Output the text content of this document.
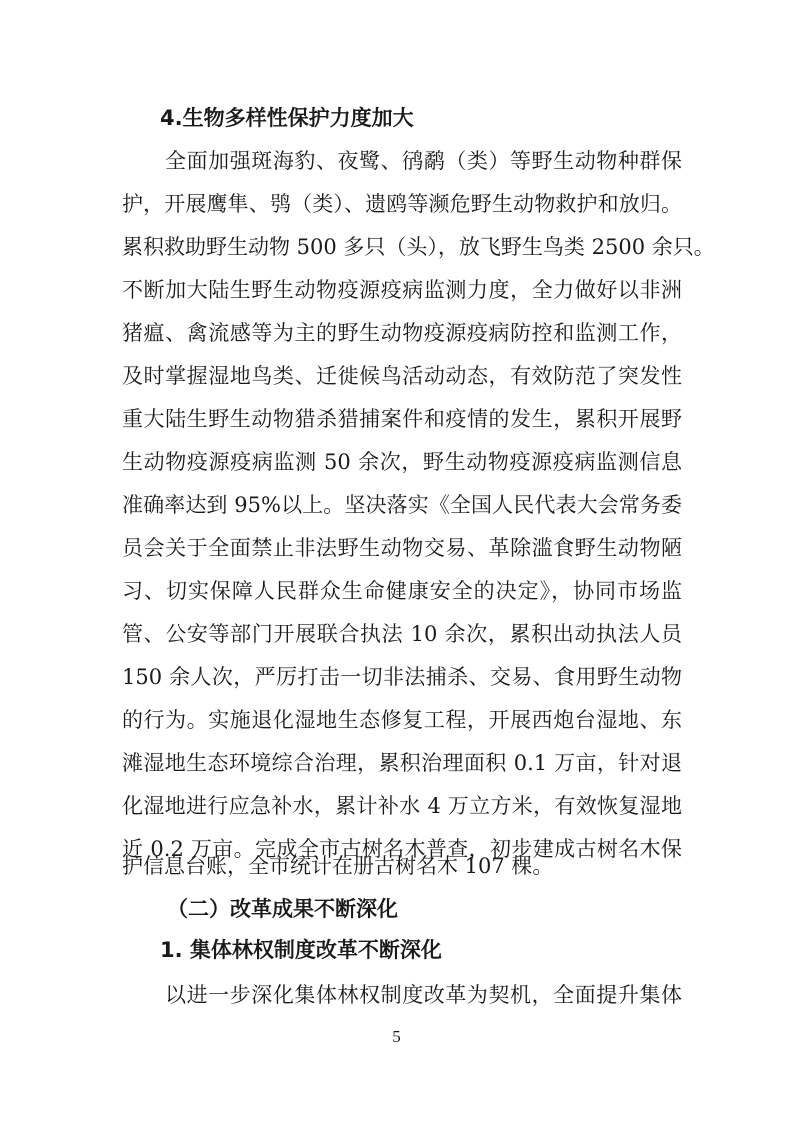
4.生物多样性保护力度加大
全面加强斑海豹、夜鹭、鸻鹬（类）等野生动物种群保
护，开展鹰隼、鸮（类）、遗鸥等濒危野生动物救护和放归。
累积救助野生动物 500 多只（头），放飞野生鸟类 2500 余只。
不断加大陆生野生动物疫源疫病监测力度，全力做好以非洲
猪瘟、禽流感等为主的野生动物疫源疫病防控和监测工作，
及时掌握湿地鸟类、迁徙候鸟活动动态，有效防范了突发性
重大陆生野生动物猎杀猎捕案件和疫情的发生，累积开展野
生动物疫源疫病监测 50 余次，野生动物疫源疫病监测信息
准确率达到 95%以上。坚决落实《全国人民代表大会常务委
员会关于全面禁止非法野生动物交易、革除滥食野生动物陋
习、切实保障人民群众生命健康安全的决定》，协同市场监
管、公安等部门开展联合执法 10 余次，累积出动执法人员
150 余人次，严厉打击一切非法捕杀、交易、食用野生动物
的行为。实施退化湿地生态修复工程，开展西炮台湿地、东
滩湿地生态环境综合治理，累积治理面积 0.1 万亩，针对退
化湿地进行应急补水，累计补水 4 万立方米，有效恢复湿地
近 0.2 万亩。完成全市古树名木普查，初步建成古树名木保
护信息台账，全市统计在册古树名木 107 棵。
（二）改革成果不断深化
1. 集体林权制度改革不断深化
以进一步深化集体林权制度改革为契机，全面提升集体
5
